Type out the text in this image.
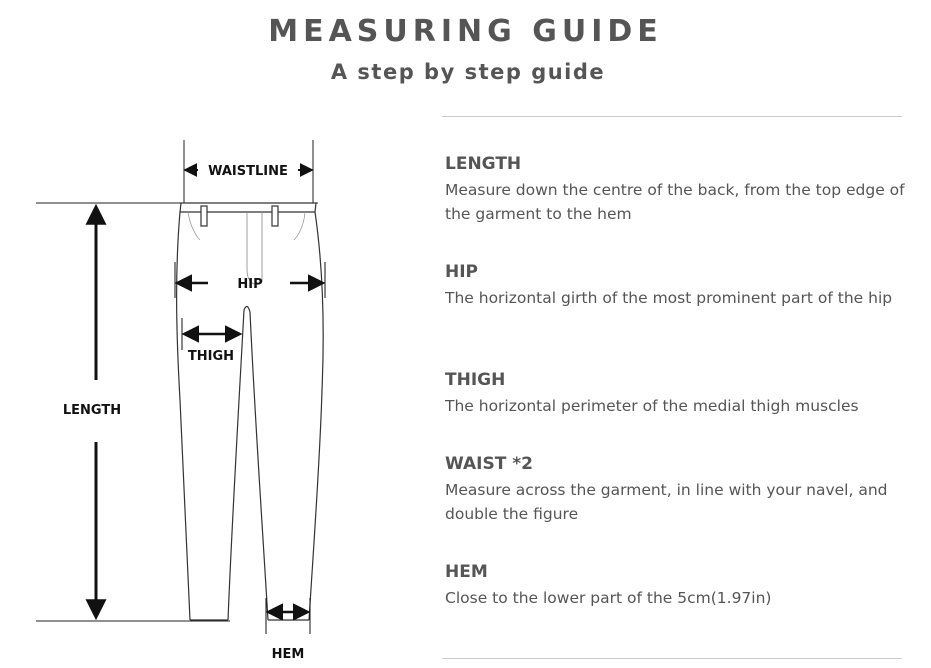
MEASURING GUIDE
A step by step guide
WAISTLINE
HIP
THIGH
LENGTH
HEM

LENGTH

Measure down the centre of the back, from the top edge of the garment to the hem

HIP

The horizontal girth of the most prominent part of the hip

THIGH

The horizontal perimeter of the medial thigh muscles

WAIST *2

Measure across the garment, in line with your navel, and double the figure

HEM

Close to the lower part of the 5cm(1.97in)
